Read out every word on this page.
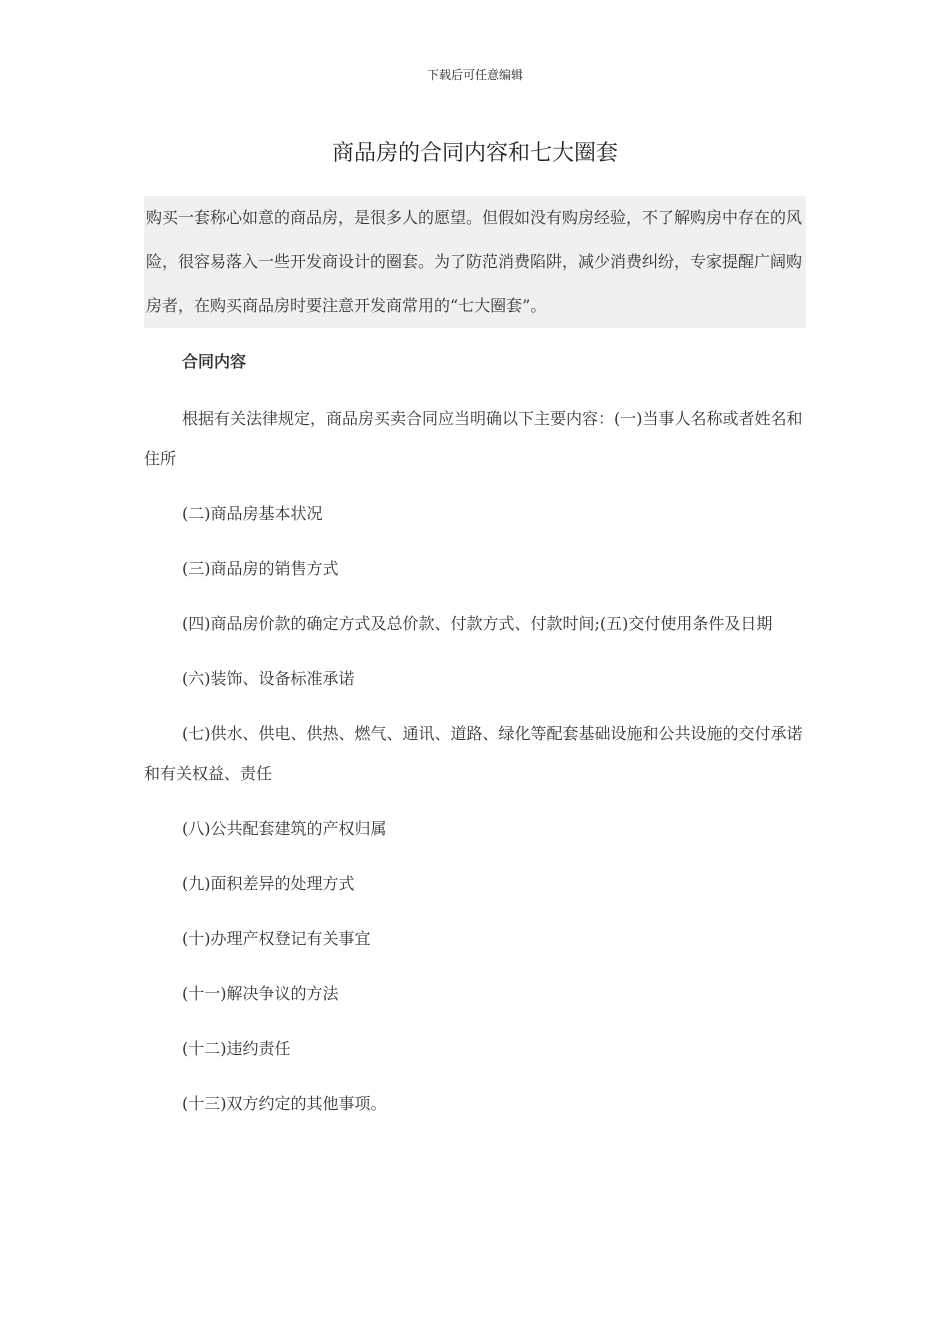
下载后可任意编辑
商品房的合同内容和七大圈套
购买一套称心如意的商品房，是很多人的愿望。但假如没有购房经验，不了解购房中存在的风险，很容易落入一些开发商设计的圈套。为了防范消费陷阱，减少消费纠纷，专家提醒广阔购房者，在购买商品房时要注意开发商常用的“七大圈套”。
合同内容

根据有关法律规定，商品房买卖合同应当明确以下主要内容：(一)当事人名称或者姓名和住所

(二)商品房基本状况

(三)商品房的销售方式

(四)商品房价款的确定方式及总价款、付款方式、付款时间;(五)交付使用条件及日期

(六)装饰、设备标准承诺

(七)供水、供电、供热、燃气、通讯、道路、绿化等配套基础设施和公共设施的交付承诺和有关权益、责任

(八)公共配套建筑的产权归属

(九)面积差异的处理方式

(十)办理产权登记有关事宜

(十一)解决争议的方法

(十二)违约责任

(十三)双方约定的其他事项。
